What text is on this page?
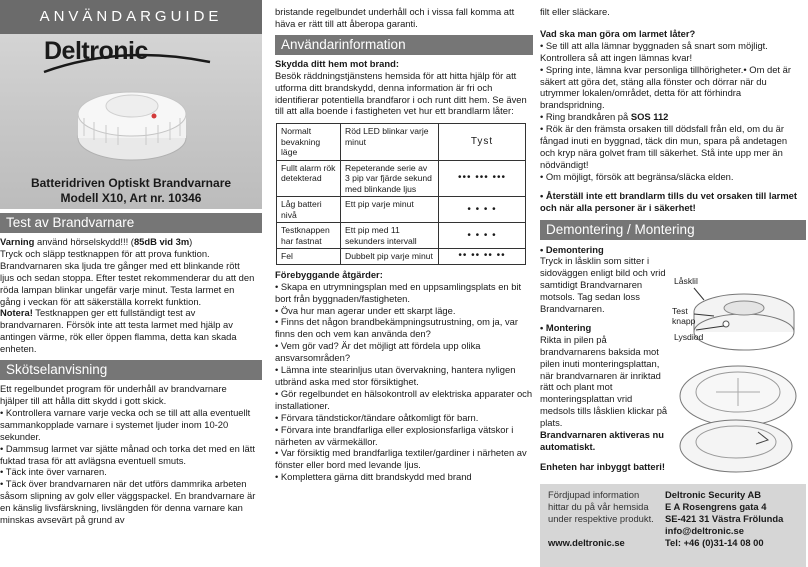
ANVÄNDARGUIDE
Deltronic
Batteridriven Optiskt Brandvarnare
Modell X10, Art nr. 10346
Test av Brandvarnare

Varning använd hörselskydd!!! (85dB vid 3m)

Tryck och släpp testknappen för att prova funktion. Brandvarnaren ska ljuda tre gånger med ett blinkande rött ljus och sedan stoppa. Efter testet rekommenderar du att den röda lampan blinkar ungefär varje minut. Testa larmet en gång i veckan för att säkerställa korrekt funktion.

Notera! Testknappen ger ett fullständigt test av brandvarnaren. Försök inte att testa larmet med hjälp av antingen värme, rök eller öppen flamma, detta kan skada enheten.

Skötselanvisning

Ett regelbundet program för underhåll av brandvarnare hjälper till att hålla ditt skydd i gott skick.

• Kontrollera varnare varje vecka och se till att alla eventuellt sammankopplade varnare i systemet ljuder inom 10-20 sekunder.

• Dammsug larmet var sjätte månad och torka det med en lätt fuktad trasa för att avlägsna eventuell smuts.

• Täck inte över varnaren.

• Täck över brandvarnaren när det utförs dammrika arbeten såsom slipning av golv eller väggspackel. En brandvarnare är en känslig livsfärskning, livslängden för denna varnare kan minskas avsevärt på grund av

bristande regelbundet underhåll och i vissa fall komma att häva er rätt till att åberopa garanti.

Användarinformation

Skydda ditt hem mot brand:

Besök räddningstjänstens hemsida för att hitta hjälp för att utforma ditt brandskydd, denna information är fri och identifierar potentiella brandfaror i och runt ditt hem. Se även till att alla boende i fastigheten vet hur ett brandlarm låter:

Normalt bevakning läge	Röd LED blinkar varje minut	Tyst
Fullt alarm rök detekterad	Repeterande serie av 3 pip var fjärde sekund med blinkande ljus	••• ••• •••
Låg batteri nivå	Ett pip varje minut	• • • •
Testknappen har fastnat	Ett pip med 11 sekunders intervall	• • • •
Fel	Dubbelt pip varje minut	•• •• •• ••

Förebyggande åtgärder:

• Skapa en utrymningsplan med en uppsamlingsplats en bit bort från byggnaden/fastigheten.

• Öva hur man agerar under ett skarpt läge.

• Finns det någon brandbekämpningsutrustning, om ja, var finns den och vem kan använda den?

• Vem gör vad? Är det möjligt att fördela upp olika ansvarsområden?

• Lämna inte stearinljus utan övervakning, hantera nyligen utbränd aska med stor försiktighet.

• Gör regelbundet en hälsokontroll av elektriska apparater och installationer.

• Förvara tändstickor/tändare oåtkomligt för barn.

• Förvara inte brandfarliga eller explosionsfarliga vätskor i närheten av värmekällor.

• Var försiktig med brandfarliga textiler/gardiner i närheten av fönster eller bord med levande ljus.

• Komplettera gärna ditt brandskydd med brand

filt eller släckare.

Vad ska man göra om larmet låter?

• Se till att alla lämnar byggnaden så snart som möjligt. Kontrollera så att ingen lämnas kvar!

• Spring inte, lämna kvar personliga tillhörigheter.• Om det är säkert att göra det, stäng alla fönster och dörrar när du utrymmer lokalen/området, detta för att förhindra brandspridning.

• Ring brandkåren på SOS 112

• Rök är den främsta orsaken till dödsfall från eld, om du är fångad inuti en byggnad, täck din mun, spara på andetagen och kryp nära golvet fram till säkerhet. Stå inte upp mer än nödvändigt!

• Om möjligt, försök att begränsa/släcka elden.

• Återställ inte ett brandlarm tills du vet orsaken till larmet och när alla personer är i säkerhet!

Demontering / Montering

• Demontering

Tryck in låsklin som sitter i sidoväggen enligt bild och vrid samtidigt Brandvarnaren motsols. Tag sedan loss Brandvarnaren.

• Montering

Rikta in pilen på brandvarnarens baksida mot pilen inuti monteringsplattan, när brandvarnaren är inriktad rätt och plant mot monteringsplattan vrid medsols tills låsklien klickar på plats.

Brandvarnaren aktiveras nu automatiskt.

Enheten har inbyggt batteri!

Låsklil
Test knapp
Lysdiod
Fördjupad information hittar du på vår hemsida under respektive produkt.
www.deltronic.se

Deltronic Security AB

E A Rosengrens gata 4

SE-421 31 Västra Frölunda

info@deltronic.se

Tel: +46 (0)31-14 08 00
